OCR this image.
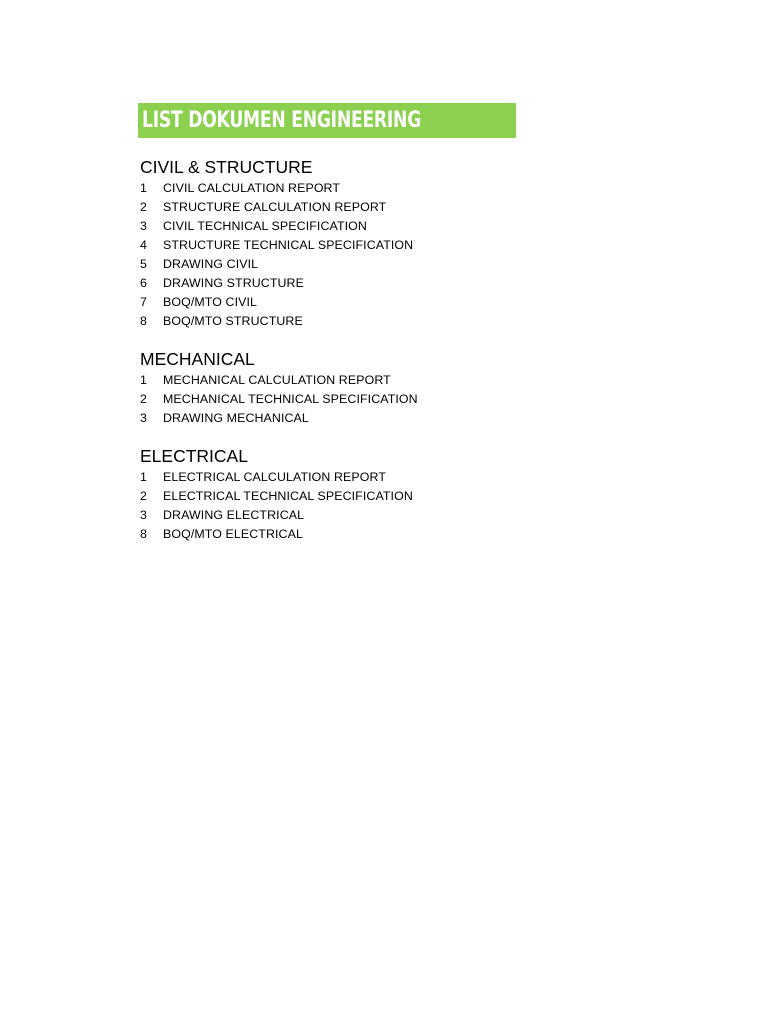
LIST DOKUMEN ENGINEERING
CIVIL & STRUCTURE
1	CIVIL CALCULATION REPORT
2	STRUCTURE CALCULATION REPORT
3	CIVIL TECHNICAL SPECIFICATION
4	STRUCTURE TECHNICAL SPECIFICATION
5	DRAWING CIVIL
6	DRAWING STRUCTURE
7	BOQ/MTO CIVIL
8	BOQ/MTO STRUCTURE
MECHANICAL
1	MECHANICAL CALCULATION REPORT
2	MECHANICAL TECHNICAL SPECIFICATION
3	DRAWING MECHANICAL
ELECTRICAL
1	ELECTRICAL CALCULATION REPORT
2	ELECTRICAL TECHNICAL SPECIFICATION
3	DRAWING ELECTRICAL
8	BOQ/MTO ELECTRICAL
